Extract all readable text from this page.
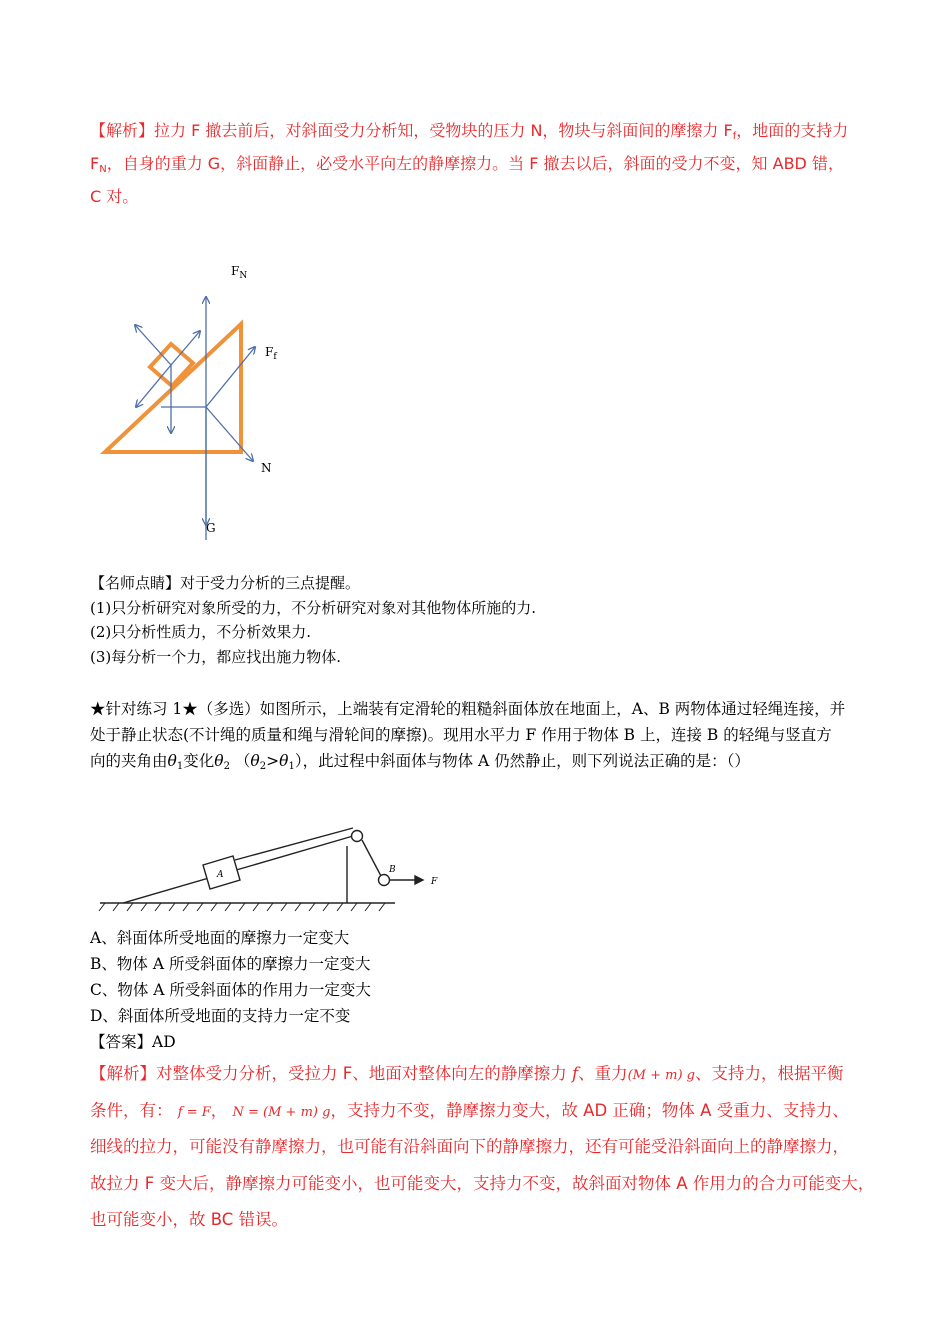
【解析】拉力 F 撤去前后，对斜面受力分析知，受物块的压力 N，物块与斜面间的摩擦力 $F_f$，地面的支持力
$F_N$，自身的重力 G，斜面静止，必受水平向左的静摩擦力。当 F 撤去以后，斜面的受力不变，知 ABD 错，
C 对。
$F_N$
$F_f$
N
G
【名师点睛】对于受力分析的三点提醒。
(1)只分析研究对象所受的力，不分析研究对象对其他物体所施的力.
(2)只分析性质力，不分析效果力.
(3)每分析一个力，都应找出施力物体.
★针对练习 1★（多选）如图所示，上端装有定滑轮的粗糙斜面体放在地面上，A、B 两物体通过轻绳连接，并
处于静止状态(不计绳的质量和绳与滑轮间的摩擦)。现用水平力 F 作用于物体 B 上，连接 B 的轻绳与竖直方
向的夹角由$\theta_1$变化$\theta_2$ $(\theta_2>\theta_1)$，此过程中斜面体与物体 A 仍然静止，则下列说法正确的是：（）
A	B
F
A、斜面体所受地面的摩擦力一定变大
B、物体 A 所受斜面体的摩擦力一定变大
C、物体 A 所受斜面体的作用力一定变大
D、斜面体所受地面的支持力一定不变
【答案】AD
【解析】对整体受力分析，受拉力 F、地面对整体向左的静摩擦力 f、重力(M + m) g、支持力，根据平衡
条件，有： f = F， N = (M + m) g，支持力不变，静摩擦力变大，故 AD 正确；物体 A 受重力、支持力、
细线的拉力，可能没有静摩擦力，也可能有沿斜面向下的静摩擦力，还有可能受沿斜面向上的静摩擦力，
故拉力 F 变大后，静摩擦力可能变小，也可能变大，支持力不变，故斜面对物体 A 作用力的合力可能变大，
也可能变小，故 BC 错误。
